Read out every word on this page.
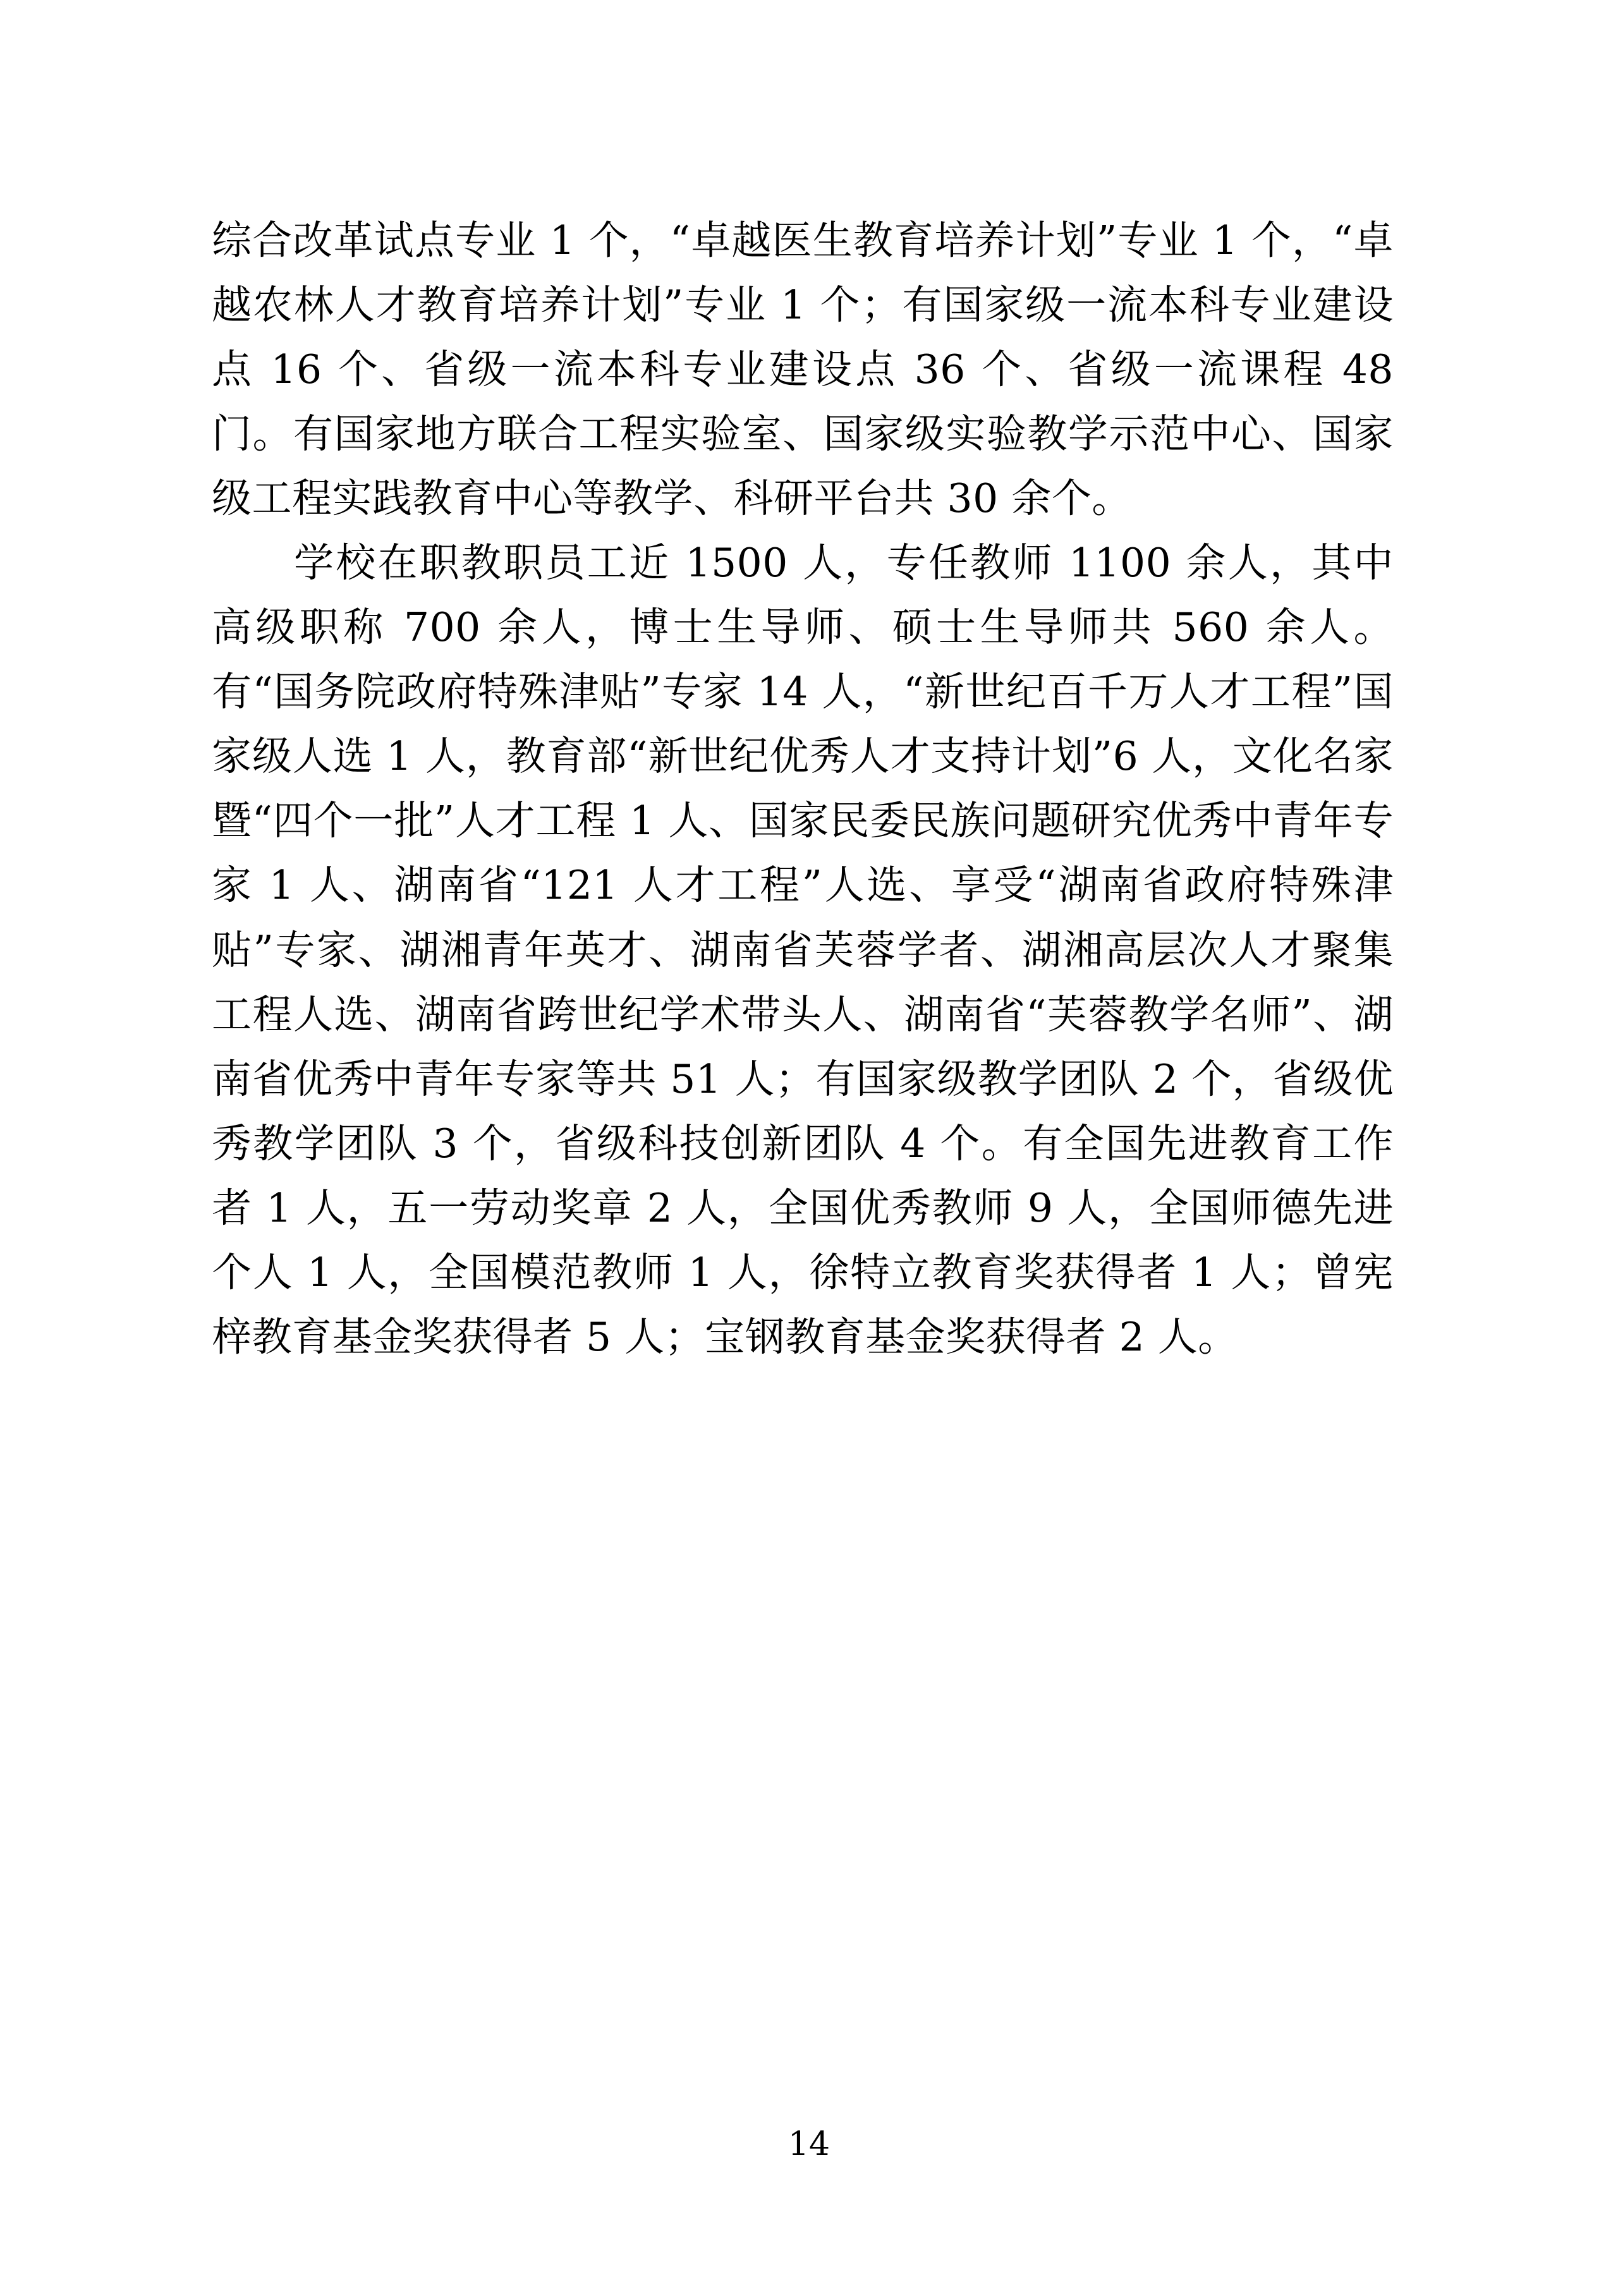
综合改革试点专业 1 个，“卓越医生教育培养计划”专业 1 个，“卓越农林人才教育培养计划”专业 1 个；有国家级一流本科专业建设点 16 个、省级一流本科专业建设点 36 个、省级一流课程 48 门。有国家地方联合工程实验室、国家级实验教学示范中心、国家级工程实践教育中心等教学、科研平台共 30 余个。

学校在职教职员工近 1500 人，专任教师 1100 余人，其中高级职称 700 余人，博士生导师、硕士生导师共 560 余人。有“国务院政府特殊津贴”专家 14 人，“新世纪百千万人才工程”国家级人选 1 人，教育部“新世纪优秀人才支持计划”6 人，文化名家暨“四个一批”人才工程 1 人、国家民委民族问题研究优秀中青年专家 1 人、湖南省“121 人才工程”人选、享受“湖南省政府特殊津贴”专家、湖湘青年英才、湖南省芙蓉学者、湖湘高层次人才聚集工程人选、湖南省跨世纪学术带头人、湖南省“芙蓉教学名师”、湖南省优秀中青年专家等共 51 人；有国家级教学团队 2 个，省级优秀教学团队 3 个，省级科技创新团队 4 个。有全国先进教育工作者 1 人，五一劳动奖章 2 人，全国优秀教师 9 人，全国师德先进个人 1 人，全国模范教师 1 人，徐特立教育奖获得者 1 人；曾宪梓教育基金奖获得者 5 人；宝钢教育基金奖获得者 2 人。

14
